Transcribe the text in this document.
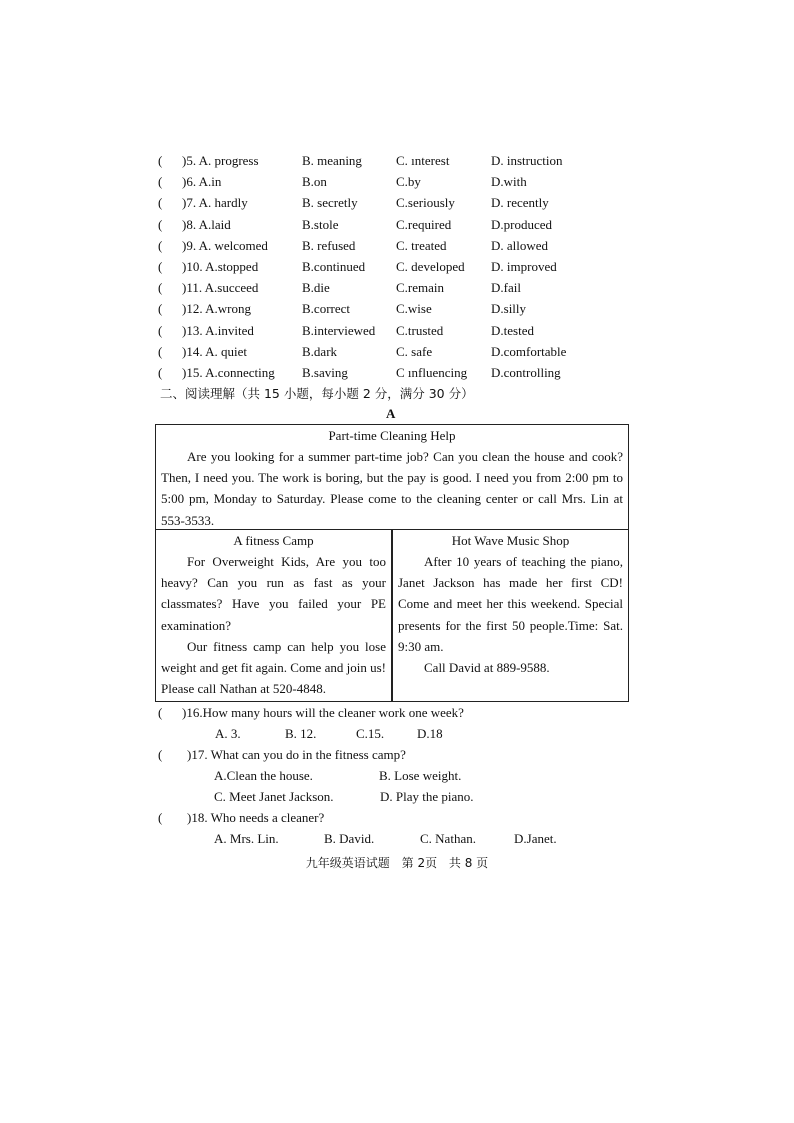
( )5. A. progress	B. meaning	C. ınterest	D. instruction
( )6. A.in	B.on	C.by	D.with
( )7. A. hardly	B. secretly	C.seriously	D. recently
( )8. A.laid	B.stole	C.required	D.produced
( )9. A. welcomed	B. refused	C. treated	D. allowed
( )10. A.stopped	B.continued C. developed D. improved
( )11. A.succeed	B.die	C.remain	D.fail
( )12. A.wrong	B.correct	C.wise	D.silly
( )13. A.invited	B.interviewed C.trusted	D.tested
( )14. A. quiet	B.dark	C. safe	D.comfortable
( )15. A.connecting B.saving	C ınfluencing D.controlling
二、阅读理解（共 15 小题，每小题 2 分，满分 30 分）
A
Part-time Cleaning Help
Are you looking for a summer part-time job? Can you clean the house and cook? Then, I need you. The work is boring, but the pay is good. I need you from 2:00 pm to 5:00 pm, Monday to Saturday. Please come to the cleaning center or call Mrs. Lin at 553-3533.
A fitness Camp
For Overweight Kids, Are you too heavy? Can you run as fast as your classmates? Have you failed your PE examination?
Our fitness camp can help you lose weight and get fit again. Come and join us! Please call Nathan at 520-4848.
Hot Wave Music Shop
After 10 years of teaching the piano, Janet Jackson has made her first CD! Come and meet her this weekend. Special presents for the first 50 people.Time: Sat. 9:30 am.
Call David at 889-9588.
( )16.How many hours will the cleaner work one week?
A. 3.	B. 12.	C.15.	D.18
( )17. What can you do in the fitness camp?
A.Clean the house.	B. Lose weight.
C. Meet Janet Jackson.	D. Play the piano.
( )18. Who needs a cleaner?
A. Mrs. Lin.	B. David.	C. Nathan.	D.Janet.
九年级英语试题 第 2页 共 8 页
